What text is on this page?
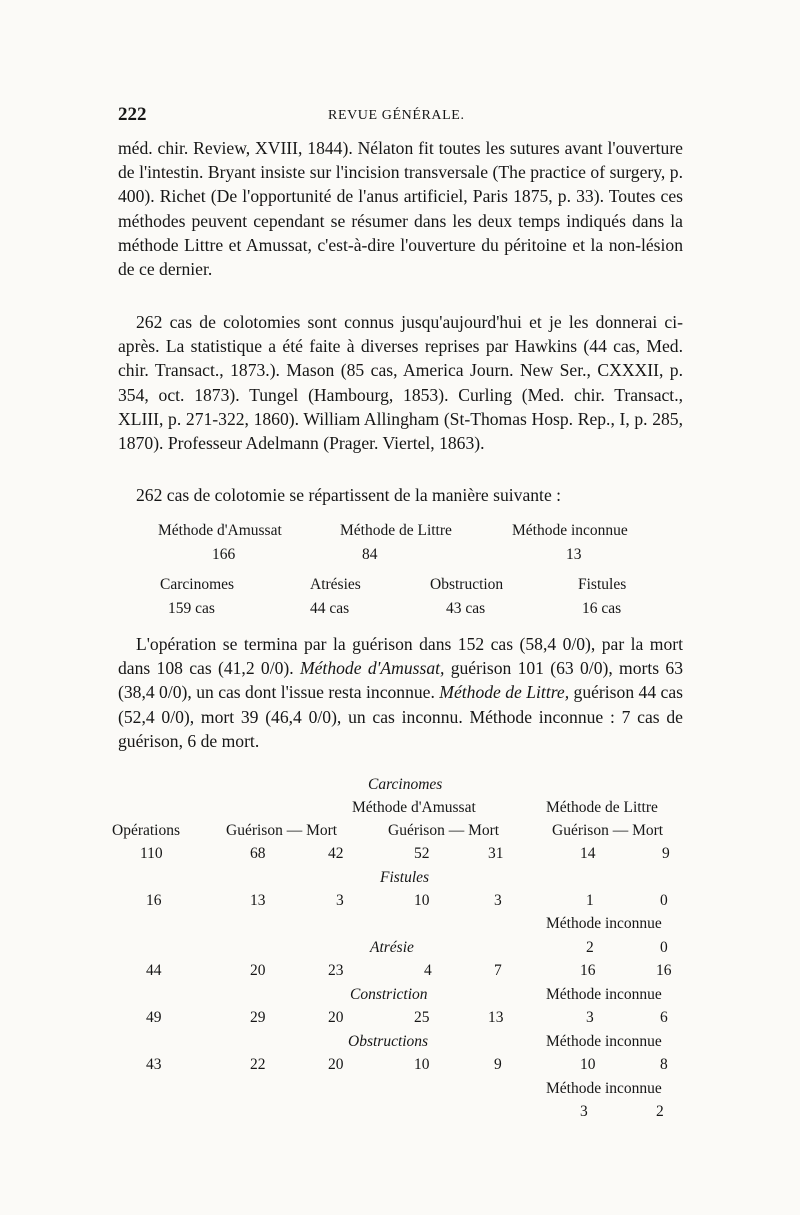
222	REVUE GÉNÉRALE.

méd. chir. Review, XVIII, 1844). Nélaton fit toutes les sutures avant l'ouverture de l'intestin. Bryant insiste sur l'incision transversale (The practice of surgery, p. 400). Richet (De l'opportunité de l'anus artificiel, Paris 1875, p. 33). Toutes ces méthodes peuvent cependant se résumer dans les deux temps indiqués dans la méthode Littre et Amussat, c'est-à-dire l'ouverture du péritoine et la non-lésion de ce dernier.

262 cas de colotomies sont connus jusqu'aujourd'hui et je les donnerai ci-après. La statistique a été faite à diverses reprises par Hawkins (44 cas, Med. chir. Transact., 1873.). Mason (85 cas, America Journ. New Ser., CXXXII, p. 354, oct. 1873). Tungel (Hambourg, 1853). Curling (Med. chir. Transact., XLIII, p. 271-322, 1860). William Allingham (St-Thomas Hosp. Rep., I, p. 285, 1870). Professeur Adelmann (Prager. Viertel, 1863).

262 cas de colotomie se répartissent de la manière suivante :

Méthode d'Amussat	Méthode de Littre	Méthode inconnue
166	84	13
Carcinomes	Atrésies	Obstruction	Fistules
159 cas	44 cas	43 cas	16 cas

L'opération se termina par la guérison dans 152 cas (58,4 0/0), par la mort dans 108 cas (41,2 0/0). Méthode d'Amussat, guérison 101 (63 0/0), morts 63 (38,4 0/0), un cas dont l'issue resta inconnue. Méthode de Littre, guérison 44 cas (52,4 0/0), mort 39 (46,4 0/0), un cas inconnu. Méthode inconnue : 7 cas de guérison, 6 de mort.

Carcinomes
Méthode d'Amussat	Méthode de Littre
Opérations	Guérison — Mort	Guérison — Mort	Guérison — Mort
110	68	42	52	31	14	9
Fistules
16	13	3	10	3	1	0
Méthode inconnue
Atrésie	2	0
44	20	23	4	7	16	16
Constriction	Méthode inconnue
49	29	20	25	13	3	6
Obstructions	Méthode inconnue
43	22	20	10	9	10	8
Méthode inconnue
3	2
